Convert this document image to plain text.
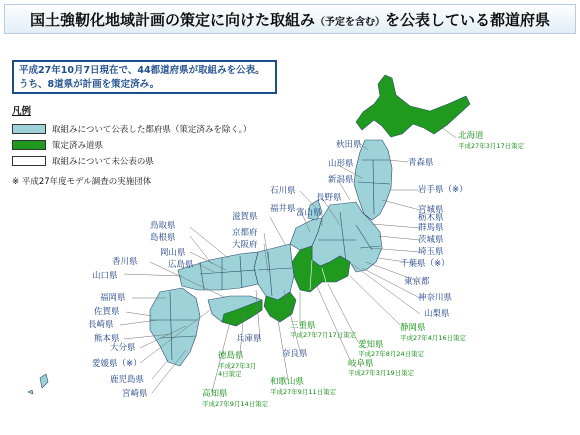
国土強靭化地域計画の策定に向けた取組み（予定を含む）を公表している都道府県
平成27年10月7日現在で、44都道府県が取組みを公表。
うち、8道県が計画を策定済み。
凡例
取組みについて公表した都府県（策定済みを除く。）
策定済み道県
取組みについて未公表の県
※ 平成27年度モデル調査の実施団体
秋田県
青森県
山形県
岩手県（※）
新潟県
宮城県
石川県
長野県
群馬県
福井県 富山県
滋賀県
茨城県
鳥取県
京都府
埼玉県
島根県
大阪府
千葉県（※）
岡山県
香川県	広島県
東京都
山口県
神奈川県
福岡県
山梨県
佐賀県
長崎県
熊本県
大分県
兵庫県
愛媛県（※）
奈良県
鹿児島県
宮崎県
栃木県
北海道
平成27年3月17日策定
静岡県
平成27年4月16日策定
三重県
平成27年7月17日策定
愛知県
平成27年8月24日策定
岐阜県
平成27年3月19日策定
徳島県
平成27年3月 4日策定
和歌山県
平成27年9月11日策定
高知県
平成27年9月14日策定
